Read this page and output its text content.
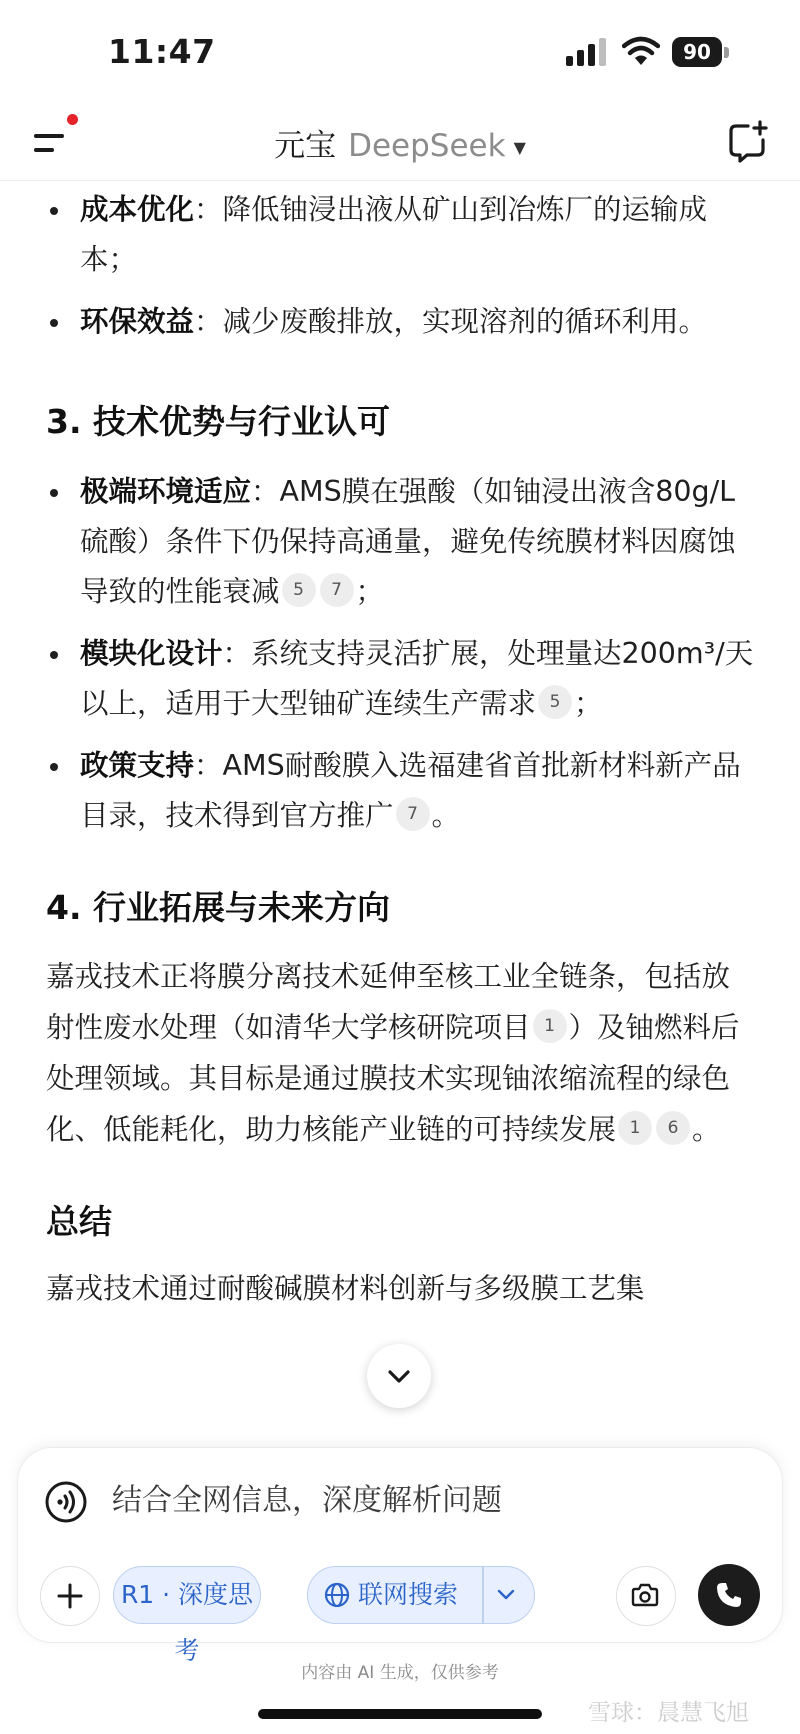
11:47	90
元宝 DeepSeek ▼
成本优化：降低铀浸出液从矿山到冶炼厂的运输成本；
环保效益：减少废酸排放，实现溶剂的循环利用。
3. 技术优势与行业认可
极端环境适应：AMS膜在强酸（如铀浸出液含80g/L硫酸）条件下仍保持高通量，避免传统膜材料因腐蚀导致的性能衰减 5 7 ；
模块化设计：系统支持灵活扩展，处理量达200m³/天以上，适用于大型铀矿连续生产需求 5 ；
政策支持：AMS耐酸膜入选福建省首批新材料新产品目录，技术得到官方推广 7 。
4. 行业拓展与未来方向

嘉戎技术正将膜分离技术延伸至核工业全链条，包括放射性废水处理（如清华大学核研院项目 1 ）及铀燃料后处理领域。其目标是通过膜技术实现铀浓缩流程的绿色化、低能耗化，助力核能产业链的可持续发展 1 6 。

总结

嘉戎技术通过耐酸碱膜材料创新与多级膜工艺集

结合全网信息，深度解析问题
R1 · 深度思考
联网搜索
内容由 AI 生成，仅供参考
雪球：晨慧飞旭
